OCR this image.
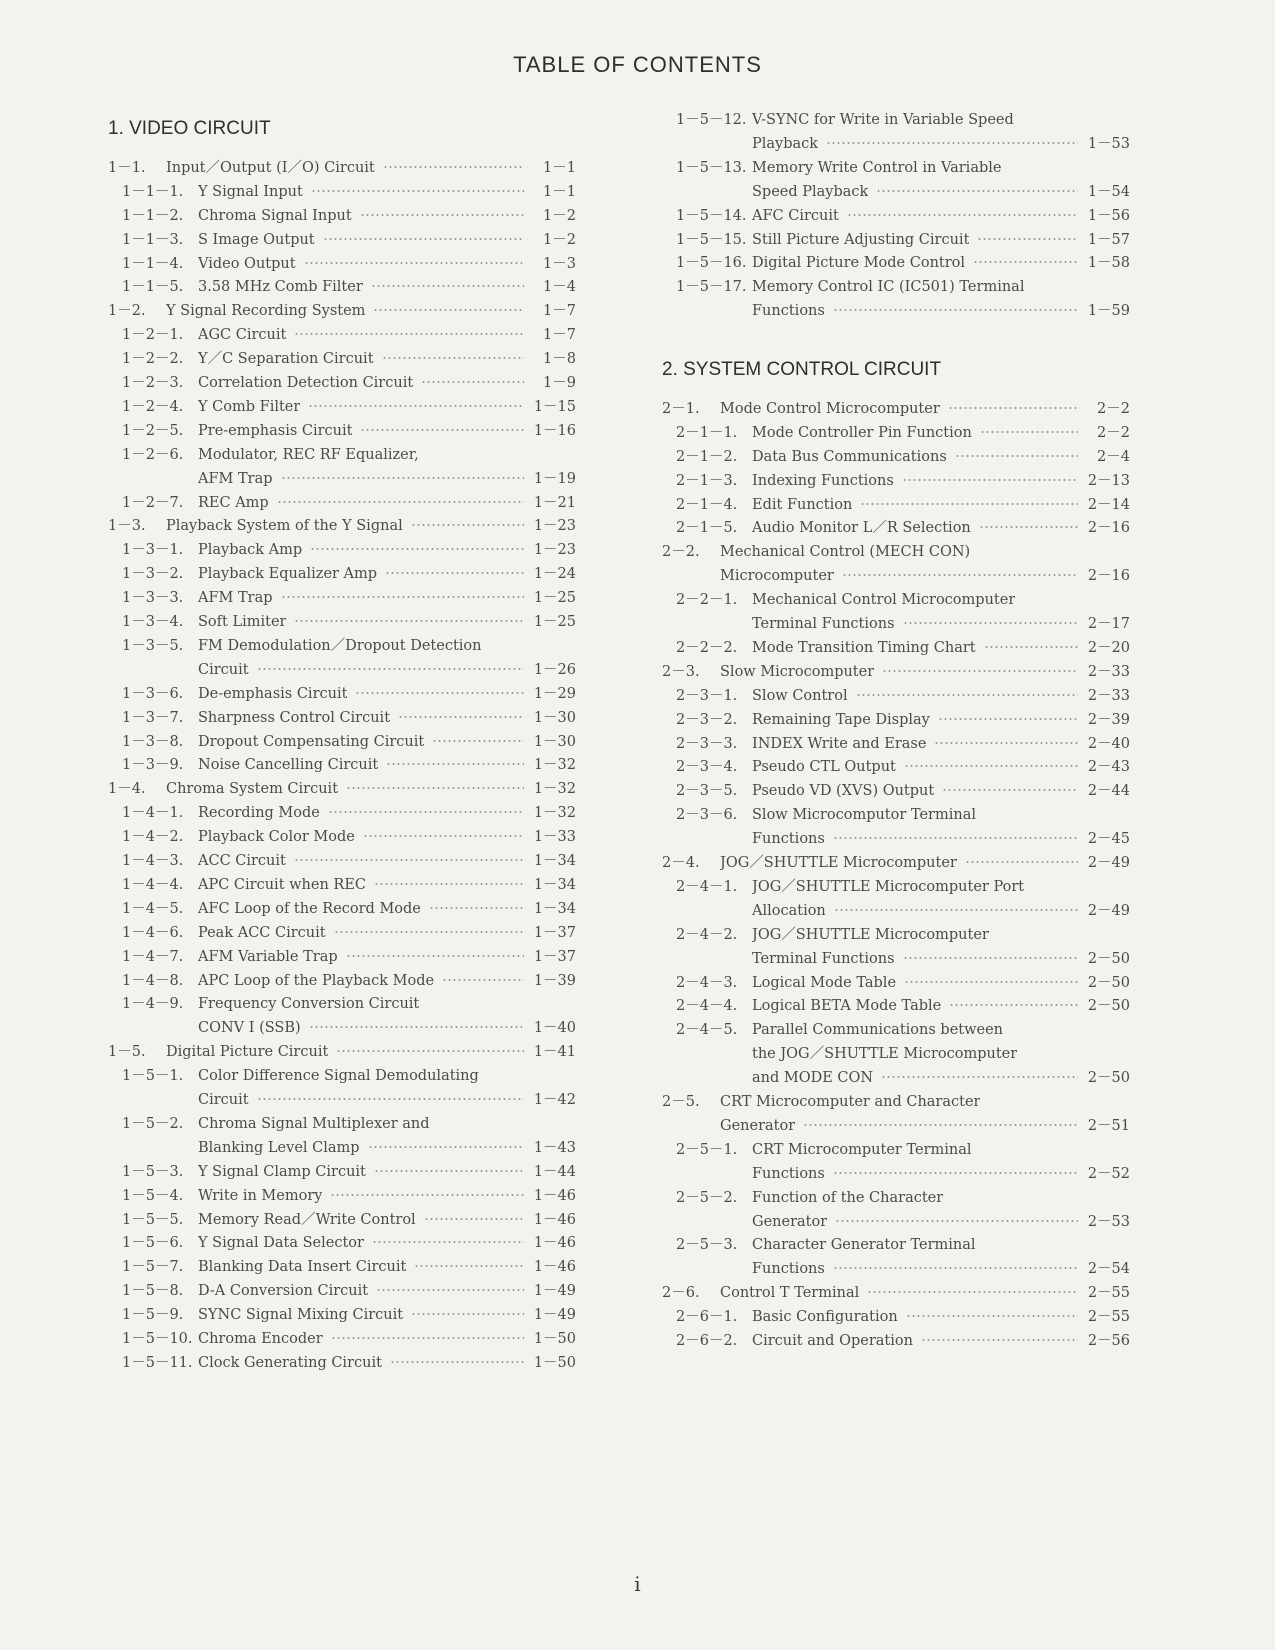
TABLE OF CONTENTS
1. VIDEO CIRCUIT
1－1. Input／Output (I／O) Circuit	1－1
1－1－1. Y Signal Input	1－1
1－1－2. Chroma Signal Input	1－2
1－1－3. S Image Output	1－2
1－1－4. Video Output	1－3
1－1－5. 3.58 MHz Comb Filter	1－4
1－2. Y Signal Recording System	1－7
1－2－1. AGC Circuit	1－7
1－2－2. Y／C Separation Circuit	1－8
1－2－3. Correlation Detection Circuit	1－9
1－2－4. Y Comb Filter	1－15
1－2－5. Pre-emphasis Circuit	1－16
1－2－6. Modulator, REC RF Equalizer,
AFM Trap	1－19
1－2－7. REC Amp	1－21
1－3. Playback System of the Y Signal	1－23
1－3－1. Playback Amp	1－23
1－3－2. Playback Equalizer Amp	1－24
1－3－3. AFM Trap	1－25
1－3－4. Soft Limiter	1－25
1－3－5. FM Demodulation／Dropout Detection
Circuit	1－26
1－3－6. De-emphasis Circuit	1－29
1－3－7. Sharpness Control Circuit	1－30
1－3－8. Dropout Compensating Circuit	1－30
1－3－9. Noise Cancelling Circuit	1－32
1－4. Chroma System Circuit	1－32
1－4－1. Recording Mode	1－32
1－4－2. Playback Color Mode	1－33
1－4－3. ACC Circuit	1－34
1－4－4. APC Circuit when REC	1－34
1－4－5. AFC Loop of the Record Mode	1－34
1－4－6. Peak ACC Circuit	1－37
1－4－7. AFM Variable Trap	1－37
1－4－8. APC Loop of the Playback Mode	1－39
1－4－9. Frequency Conversion Circuit
CONV I (SSB)	1－40
1－5. Digital Picture Circuit	1－41
1－5－1. Color Difference Signal Demodulating
Circuit	1－42
1－5－2. Chroma Signal Multiplexer and
Blanking Level Clamp	1－43
1－5－3. Y Signal Clamp Circuit	1－44
1－5－4. Write in Memory	1－46
1－5－5. Memory Read／Write Control	1－46
1－5－6. Y Signal Data Selector	1－46
1－5－7. Blanking Data Insert Circuit	1－46
1－5－8. D-A Conversion Circuit	1－49
1－5－9. SYNC Signal Mixing Circuit	1－49
1－5－10. Chroma Encoder	1－50
1－5－11. Clock Generating Circuit	1－50
1－5－12. V-SYNC for Write in Variable Speed
Playback	1－53
1－5－13. Memory Write Control in Variable
Speed Playback	1－54
1－5－14. AFC Circuit	1－56
1－5－15. Still Picture Adjusting Circuit	1－57
1－5－16. Digital Picture Mode Control	1－58
1－5－17. Memory Control IC (IC501) Terminal
Functions	1－59
2. SYSTEM CONTROL CIRCUIT
2－1. Mode Control Microcomputer	2－2
2－1－1. Mode Controller Pin Function	2－2
2－1－2. Data Bus Communications	2－4
2－1－3. Indexing Functions	2－13
2－1－4. Edit Function	2－14
2－1－5. Audio Monitor L／R Selection	2－16
2－2. Mechanical Control (MECH CON)
Microcomputer	2－16
2－2－1. Mechanical Control Microcomputer
Terminal Functions	2－17
2－2－2. Mode Transition Timing Chart	2－20
2－3. Slow Microcomputer	2－33
2－3－1. Slow Control	2－33
2－3－2. Remaining Tape Display	2－39
2－3－3. INDEX Write and Erase	2－40
2－3－4. Pseudo CTL Output	2－43
2－3－5. Pseudo VD (XVS) Output	2－44
2－3－6. Slow Microcomputor Terminal
Functions	2－45
2－4. JOG／SHUTTLE Microcomputer	2－49
2－4－1. JOG／SHUTTLE Microcomputer Port
Allocation	2－49
2－4－2. JOG／SHUTTLE Microcomputer
Terminal Functions	2－50
2－4－3. Logical Mode Table	2－50
2－4－4. Logical BETA Mode Table	2－50
2－4－5. Parallel Communications between
the JOG／SHUTTLE Microcomputer
and MODE CON	2－50
2－5. CRT Microcomputer and Character
Generator	2－51
2－5－1. CRT Microcomputer Terminal
Functions	2－52
2－5－2. Function of the Character
Generator	2－53
2－5－3. Character Generator Terminal
Functions	2－54
2－6. Control T Terminal	2－55
2－6－1. Basic Configuration	2－55
2－6－2. Circuit and Operation	2－56
i
